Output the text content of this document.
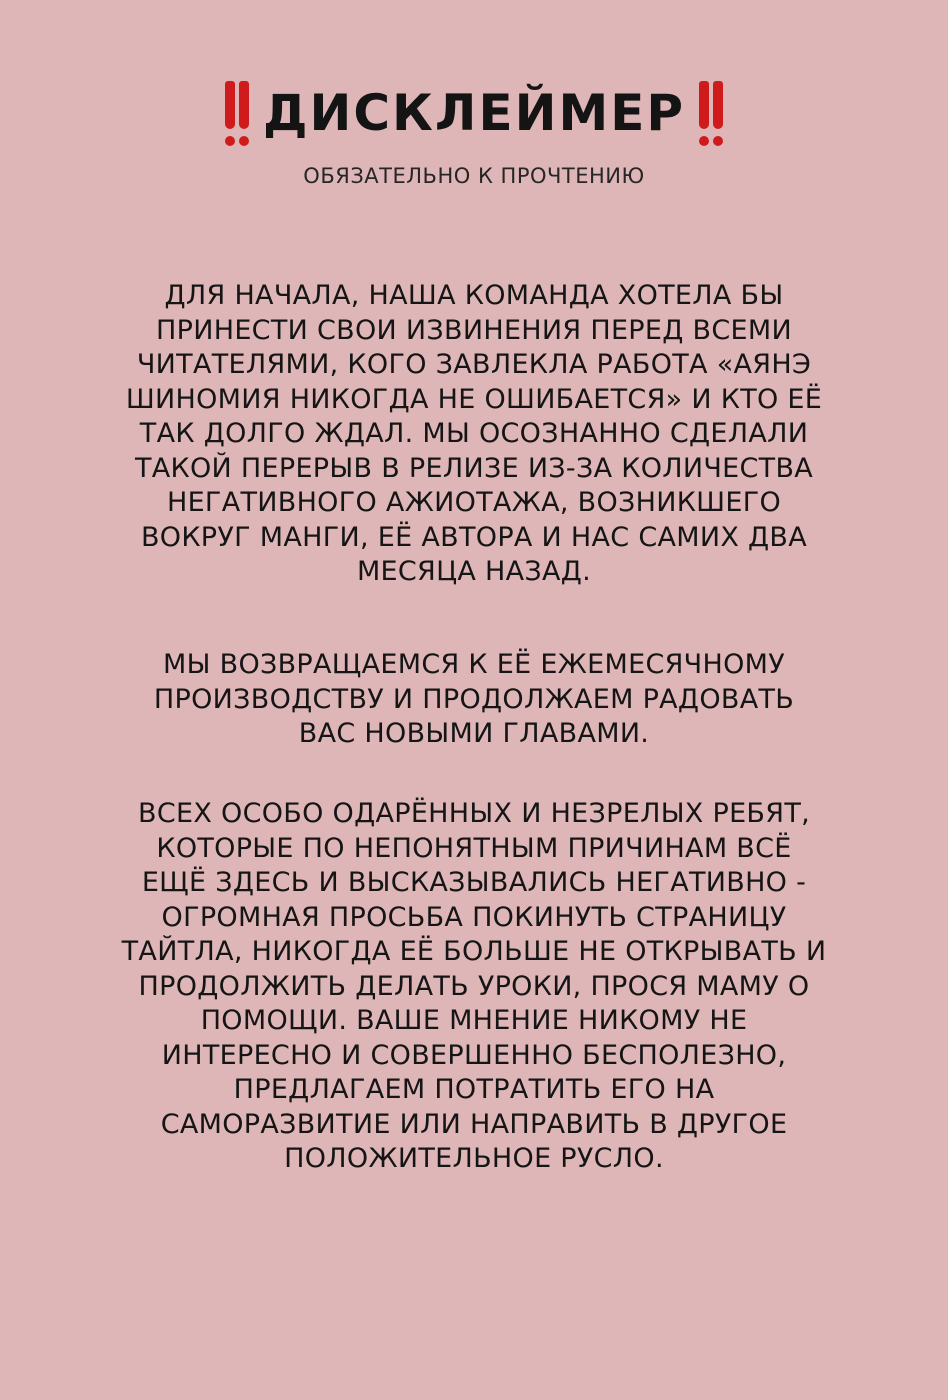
ДИСКЛЕЙМЕР
ОБЯЗАТЕЛЬНО К ПРОЧТЕНИЮ
ДЛЯ НАЧАЛА, НАША КОМАНДА ХОТЕЛА БЫ
ПРИНЕСТИ СВОИ ИЗВИНЕНИЯ ПЕРЕД ВСЕМИ
ЧИТАТЕЛЯМИ, КОГО ЗАВЛЕКЛА РАБОТА «АЯНЭ
ШИНОМИЯ НИКОГДА НЕ ОШИБАЕТСЯ» И КТО ЕЁ
ТАК ДОЛГО ЖДАЛ. МЫ ОСОЗНАННО СДЕЛАЛИ
ТАКОЙ ПЕРЕРЫВ В РЕЛИЗЕ ИЗ-ЗА КОЛИЧЕСТВА
НЕГАТИВНОГО АЖИОТАЖА, ВОЗНИКШЕГО
ВОКРУГ МАНГИ, ЕЁ АВТОРА И НАС САМИХ ДВА
МЕСЯЦА НАЗАД.
МЫ ВОЗВРАЩАЕМСЯ К ЕЁ ЕЖЕМЕСЯЧНОМУ
ПРОИЗВОДСТВУ И ПРОДОЛЖАЕМ РАДОВАТЬ
ВАС НОВЫМИ ГЛАВАМИ.
ВСЕХ ОСОБО ОДАРЁННЫХ И НЕЗРЕЛЫХ РЕБЯТ,
КОТОРЫЕ ПО НЕПОНЯТНЫМ ПРИЧИНАМ ВСЁ
ЕЩЁ ЗДЕСЬ И ВЫСКАЗЫВАЛИСЬ НЕГАТИВНО -
ОГРОМНАЯ ПРОСЬБА ПОКИНУТЬ СТРАНИЦУ
ТАЙТЛА, НИКОГДА ЕЁ БОЛЬШЕ НЕ ОТКРЫВАТЬ И
ПРОДОЛЖИТЬ ДЕЛАТЬ УРОКИ, ПРОСЯ МАМУ О
ПОМОЩИ. ВАШЕ МНЕНИЕ НИКОМУ НЕ
ИНТЕРЕСНО И СОВЕРШЕННО БЕСПОЛЕЗНО,
ПРЕДЛАГАЕМ ПОТРАТИТЬ ЕГО НА
САМОРАЗВИТИЕ ИЛИ НАПРАВИТЬ В ДРУГОЕ
ПОЛОЖИТЕЛЬНОЕ РУСЛО.
